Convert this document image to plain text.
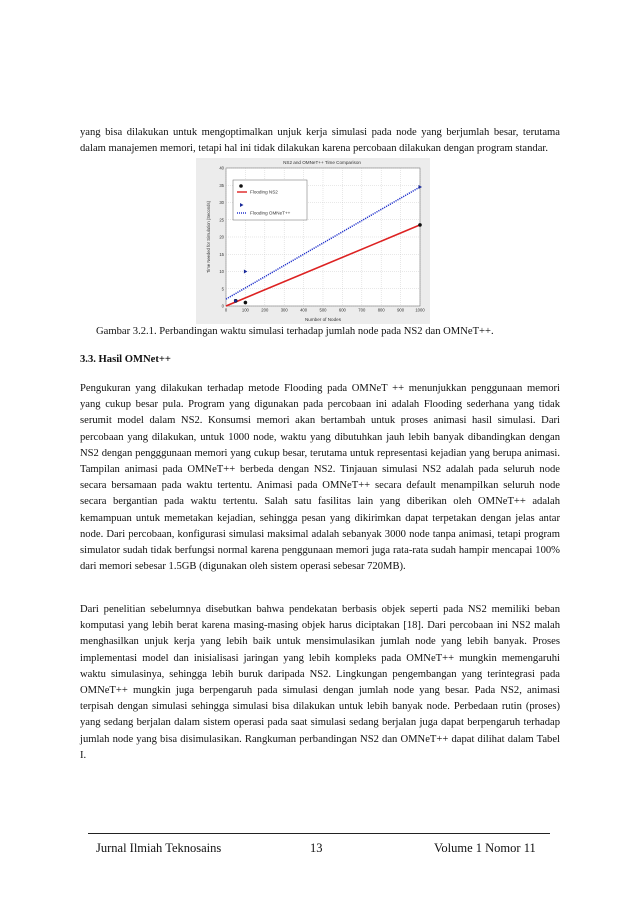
yang bisa dilakukan untuk mengoptimalkan unjuk kerja simulasi pada node yang berjumlah besar, terutama dalam manajemen memori, tetapi hal ini tidak dilakukan karena percobaan dilakukan dengan program standar.

NS2 and OMNeT++ Time Comparison
0	100	200	300	400	500	600	700	800	900	1000
0
5
10
15
20
25
30
35
40
Flooding NS2
Flooding OMNeT++
Number of Nodes
Time Needed for Simulation (Seconds)

Gambar 3.2.1. Perbandingan waktu simulasi terhadap jumlah node pada NS2 dan OMNeT++.

3.3. Hasil OMNet++

Pengukuran yang dilakukan terhadap metode Flooding pada OMNeT ++ menunjukkan penggunaan memori yang cukup besar pula. Program yang digunakan pada percobaan ini adalah Flooding sederhana yang tidak serumit model dalam NS2. Konsumsi memori akan bertambah untuk proses animasi hasil simulasi. Dari percobaan yang dilakukan, untuk 1000 node, waktu yang dibutuhkan jauh lebih banyak dibandingkan dengan NS2 dengan pengggunaan memori yang cukup besar, terutama untuk representasi kejadian yang berupa animasi. Tampilan animasi pada OMNeT++ berbeda dengan NS2. Tinjauan simulasi NS2 adalah pada seluruh node secara bersamaan pada waktu tertentu. Animasi pada OMNeT++ secara default menampilkan seluruh node secara bergantian pada waktu tertentu. Salah satu fasilitas lain yang diberikan oleh OMNeT++ adalah kemampuan untuk memetakan kejadian, sehingga pesan yang dikirimkan dapat terpetakan dengan jelas antar node. Dari percobaan, konfigurasi simulasi maksimal adalah sebanyak 3000 node tanpa animasi, tetapi program simulator sudah tidak berfungsi normal karena penggunaan memori juga rata-rata sudah hampir mencapai 100% dari memori sebesar 1.5GB (digunakan oleh sistem operasi sebesar 720MB).

Dari penelitian sebelumnya disebutkan bahwa pendekatan berbasis objek seperti pada NS2 memiliki beban komputasi yang lebih berat karena masing-masing objek harus diciptakan [18]. Dari percobaan ini NS2 malah menghasilkan unjuk kerja yang lebih baik untuk mensimulasikan jumlah node yang lebih banyak. Proses implementasi model dan inisialisasi jaringan yang lebih kompleks pada OMNeT++ mungkin memengaruhi waktu simulasinya, sehingga lebih buruk daripada NS2. Lingkungan pengembangan yang terintegrasi pada OMNeT++ mungkin juga berpengaruh pada simulasi dengan jumlah node yang besar. Pada NS2, animasi terpisah dengan simulasi sehingga simulasi bisa dilakukan untuk lebih banyak node. Perbedaan rutin (proses) yang sedang berjalan dalam sistem operasi pada saat simulasi sedang berjalan juga dapat berpengaruh terhadap jumlah node yang bisa disimulasikan. Rangkuman perbandingan NS2 dan OMNeT++ dapat dilihat dalam Tabel I.

Jurnal Ilmiah Teknosains	13	Volume 1 Nomor 11
